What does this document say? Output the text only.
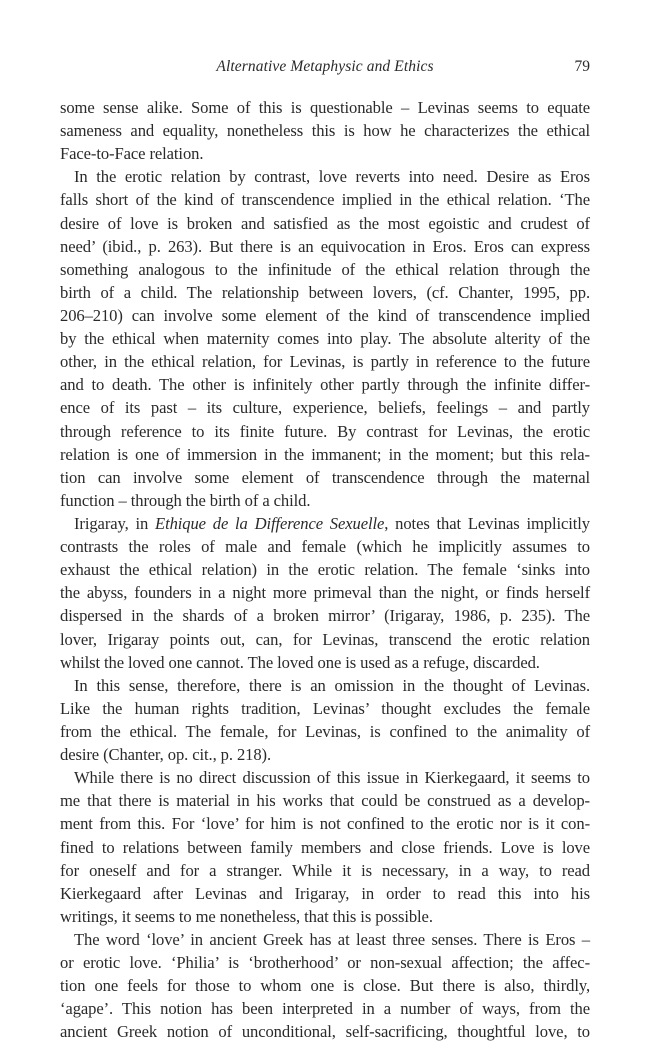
Alternative Metaphysic and Ethics	79
some sense alike. Some of this is questionable – Levinas seems to equate
sameness and equality, nonetheless this is how he characterizes the ethical
Face-to-Face relation.
In the erotic relation by contrast, love reverts into need. Desire as Eros
falls short of the kind of transcendence implied in the ethical relation. ‘The
desire of love is broken and satisfied as the most egoistic and crudest of
need’ (ibid., p. 263). But there is an equivocation in Eros. Eros can express
something analogous to the infinitude of the ethical relation through the
birth of a child. The relationship between lovers, (cf. Chanter, 1995, pp.
206–210) can involve some element of the kind of transcendence implied
by the ethical when maternity comes into play. The absolute alterity of the
other, in the ethical relation, for Levinas, is partly in reference to the future
and to death. The other is infinitely other partly through the infinite differ-
ence of its past – its culture, experience, beliefs, feelings – and partly
through reference to its finite future. By contrast for Levinas, the erotic
relation is one of immersion in the immanent; in the moment; but this rela-
tion can involve some element of transcendence through the maternal
function – through the birth of a child.
Irigaray, in Ethique de la Difference Sexuelle, notes that Levinas implicitly
contrasts the roles of male and female (which he implicitly assumes to
exhaust the ethical relation) in the erotic relation. The female ‘sinks into
the abyss, founders in a night more primeval than the night, or finds herself
dispersed in the shards of a broken mirror’ (Irigaray, 1986, p. 235). The
lover, Irigaray points out, can, for Levinas, transcend the erotic relation
whilst the loved one cannot. The loved one is used as a refuge, discarded.
In this sense, therefore, there is an omission in the thought of Levinas.
Like the human rights tradition, Levinas’ thought excludes the female
from the ethical. The female, for Levinas, is confined to the animality of
desire (Chanter, op. cit., p. 218).
While there is no direct discussion of this issue in Kierkegaard, it seems to
me that there is material in his works that could be construed as a develop-
ment from this. For ‘love’ for him is not confined to the erotic nor is it con-
fined to relations between family members and close friends. Love is love
for oneself and for a stranger. While it is necessary, in a way, to read
Kierkegaard after Levinas and Irigaray, in order to read this into his
writings, it seems to me nonetheless, that this is possible.
The word ‘love’ in ancient Greek has at least three senses. There is Eros –
or erotic love. ‘Philia’ is ‘brotherhood’ or non-sexual affection; the affec-
tion one feels for those to whom one is close. But there is also, thirdly,
‘agape’. This notion has been interpreted in a number of ways, from the
ancient Greek notion of unconditional, self-sacrificing, thoughtful love, to
